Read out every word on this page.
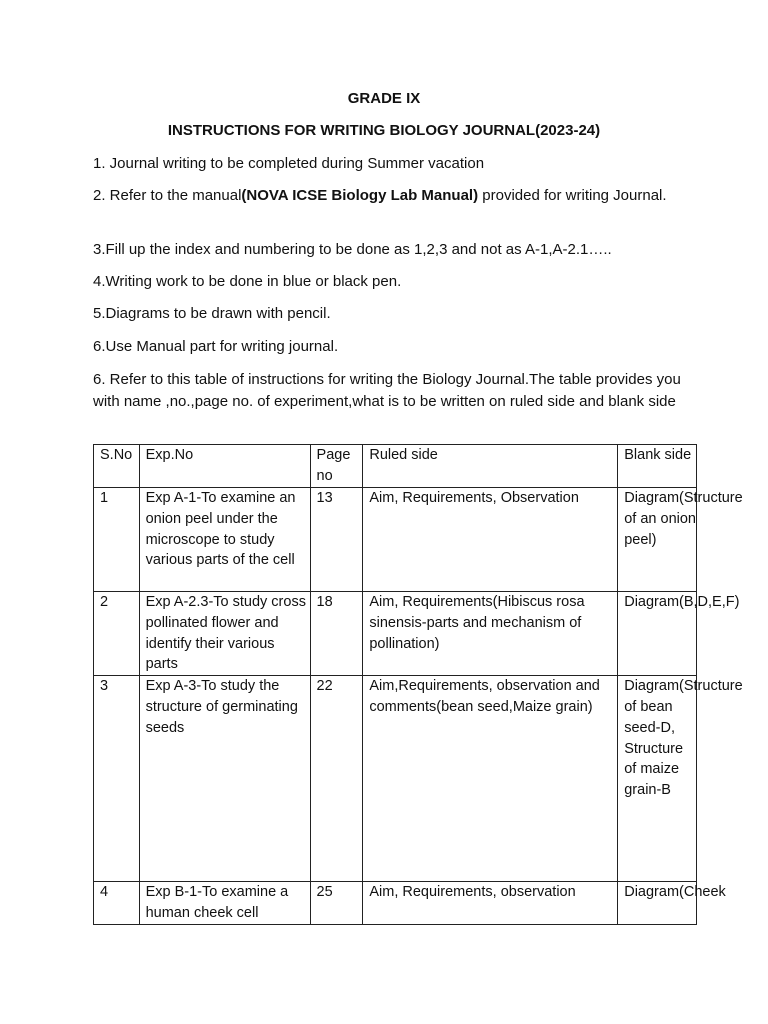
GRADE IX
INSTRUCTIONS FOR WRITING BIOLOGY JOURNAL(2023-24)
1. Journal writing to be completed during Summer vacation
2. Refer to the manual(NOVA ICSE Biology Lab Manual) provided for writing Journal.
3.Fill up the index and numbering to be done as 1,2,3 and not as A-1,A-2.1…..
4.Writing work to be done in blue or black pen.
5.Diagrams to be drawn with pencil.
6.Use Manual part for writing journal.
6. Refer to this table of instructions for writing the Biology Journal.The table provides you with name ,no.,page no. of experiment,what is to be written on ruled side and blank side
S.No	Exp.No	Page no	Ruled side	Blank side
1	Exp A-1-To examine an onion peel under the microscope to study various parts of the cell	13	Aim, Requirements, Observation	Diagram(Structure of an onion peel)
2	Exp A-2.3-To study cross pollinated flower and identify their various parts	18	Aim, Requirements(Hibiscus rosa sinensis-parts and mechanism of pollination)	Diagram(B,D,E,F)
3	Exp A-3-To study the structure of germinating seeds	22	Aim,Requirements, observation and comments(bean seed,Maize grain)	Diagram(Structure of bean seed-D, Structure of maize grain-B
4	Exp B-1-To examine a human cheek cell	25	Aim, Requirements, observation	Diagram(Cheek
